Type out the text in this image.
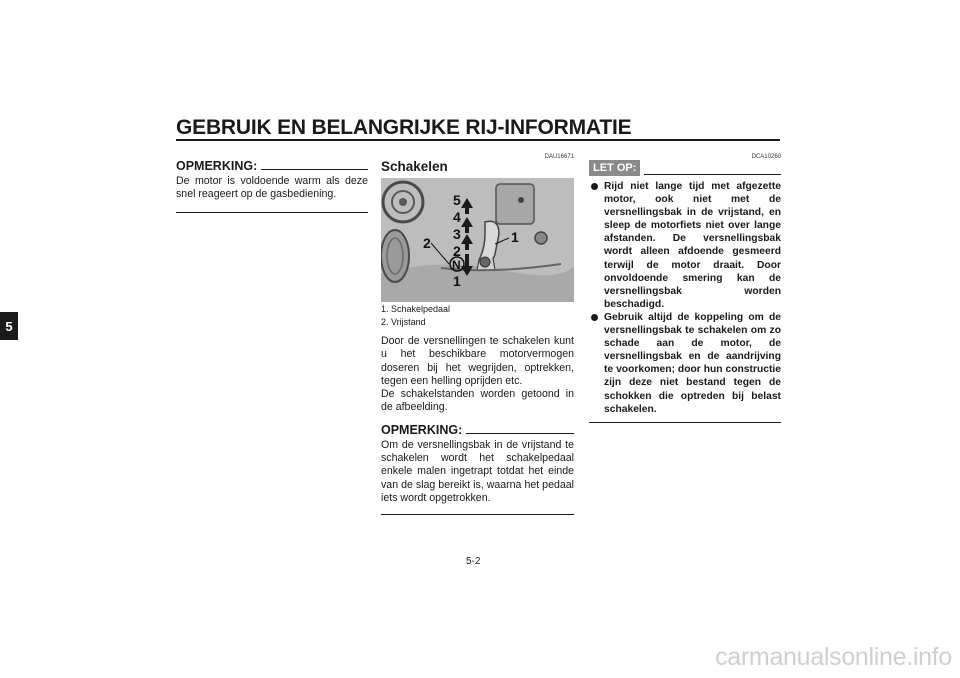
GEBRUIK EN BELANGRIJKE RIJ-INFORMATIE
5
OPMERKING:
De motor is voldoende warm als deze snel reageert op de gasbediening.
DAU16671
Schakelen
5
4
3
2
N
1
2	1
1. Schakelpedaal
2. Vrijstand
Door de versnellingen te schakelen kunt u het beschikbare motorvermogen doseren bij het wegrijden, optrekken, tegen een helling oprijden etc.
De schakelstanden worden getoond in de afbeelding.
OPMERKING:
Om de versnellingsbak in de vrijstand te schakelen wordt het schakelpedaal enkele malen ingetrapt totdat het einde van de slag bereikt is, waarna het pedaal iets wordt opgetrokken.
DCA10260
LET OP:
Rijd niet lange tijd met afgezette motor, ook niet met de versnellingsbak in de vrijstand, en sleep de motorfiets niet over lange afstanden. De versnellingsbak wordt alleen afdoende gesmeerd terwijl de motor draait. Door onvoldoende smering kan de versnellingsbak worden beschadigd.
Gebruik altijd de koppeling om de versnellingsbak te schakelen om zo schade aan de motor, de versnellingsbak en de aandrijving te voorkomen; door hun constructie zijn deze niet bestand tegen de schokken die optreden bij belast schakelen.
5-2
carmanualsonline.info
